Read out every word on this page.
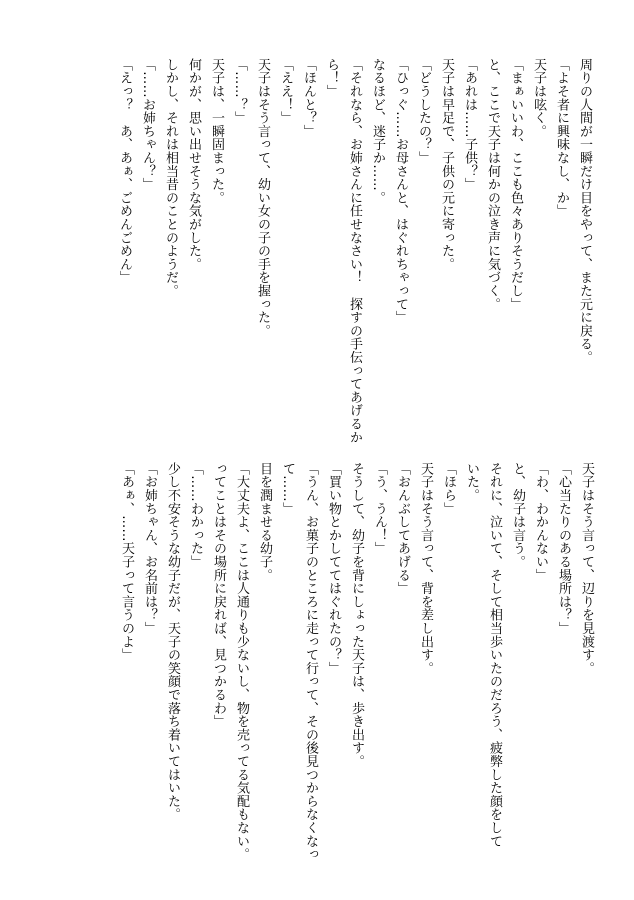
周りの人間が一瞬だけ目をやって、また元に戻る。
「よそ者に興味なし、か」
天子は呟く。
「まぁいいわ、ここも色々ありそうだし」
と、ここで天子は何かの泣き声に気づく。
「あれは……子供？」
天子は早足で、子供の元に寄った。
「どうしたの？」
「ひっぐ……お母さんと、はぐれちゃって」
なるほど、迷子か……。
「それなら、お姉さんに任せなさい！　探すの手伝ってあげるか
ら！」
「ほんと？」
「ええ！」
天子はそう言って、幼い女の子の手を握った。
「……？」
天子は、一瞬固まった。
何かが、思い出せそうな気がした。
しかし、それは相当昔のことのようだ。
「……お姉ちゃん？」
「えっ？　あ、あぁ、ごめんごめん」
天子はそう言って、辺りを見渡す。
「心当たりのある場所は？」
「わ、わかんない」
と、幼子は言う。
それに、泣いて、そして相当歩いたのだろう、疲弊した顔をして
いた。
「ほら」
天子はそう言って、背を差し出す。
「おんぶしてあげる」
「う、うん！」
そうして、幼子を背にしょった天子は、歩き出す。
「買い物とかしててはぐれたの？」
「うん、お菓子のところに走って行って、その後見つからなくなっ
て……」
目を潤ませる幼子。
「大丈夫よ、ここは人通りも少ないし、物を売ってる気配もない。
ってことはその場所に戻れば、見つかるわ」
「……わかった」
少し不安そうな幼子だが、天子の笑顔で落ち着いてはいた。
「お姉ちゃん、お名前は？」
「あぁ、……天子って言うのよ」
